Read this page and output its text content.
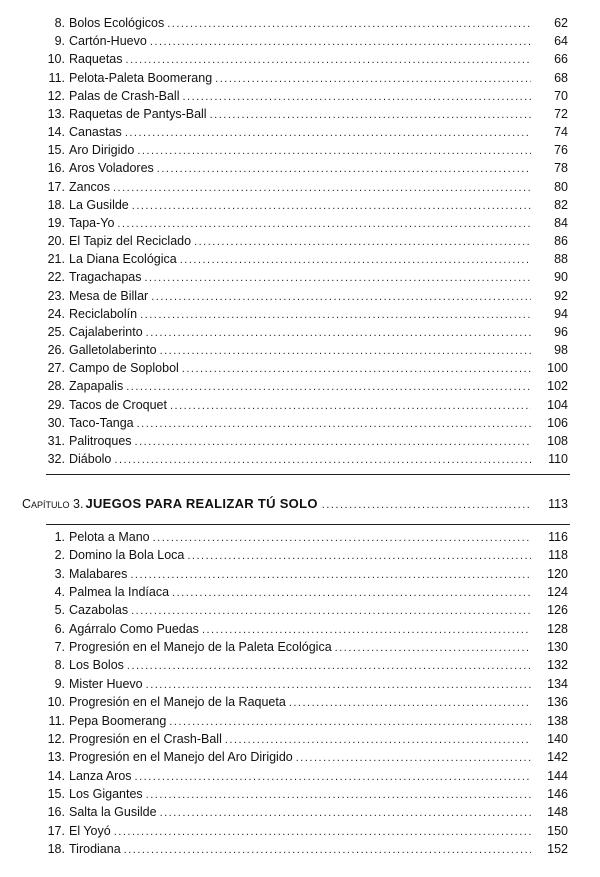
8. Bolos Ecológicos .....	62
9. Cartón-Huevo .....	64
10. Raquetas .....	66
11. Pelota-Paleta Boomerang .....	68
12. Palas de Crash-Ball .....	70
13. Raquetas de Pantys-Ball .....	72
14. Canastas .....	74
15. Aro Dirigido .....	76
16. Aros Voladores .....	78
17. Zancos .....	80
18. La Gusilde .....	82
19. Tapa-Yo .....	84
20. El Tapiz del Reciclado .....	86
21. La Diana Ecológica .....	88
22. Tragachapas .....	90
23. Mesa de Billar .....	92
24. Reciclabolín .....	94
25. Cajalaberinto .....	96
26. Galletolaberinto .....	98
27. Campo de Soplobol .....	100
28. Zapapalis .....	102
29. Tacos de Croquet .....	104
30. Taco-Tanga .....	106
31. Palitroques .....	108
32. Diábolo .....	110
Capítulo 3. JUEGOS PARA REALIZAR TÚ SOLO .....	113
1. Pelota a Mano .....	116
2. Domino la Bola Loca .....	118
3. Malabares .....	120
4. Palmea la Indíaca .....	124
5. Cazabolas .....	126
6. Agárralo Como Puedas .....	128
7. Progresión en el Manejo de la Paleta Ecológica .....	130
8. Los Bolos .....	132
9. Mister Huevo .....	134
10. Progresión en el Manejo de la Raqueta .....	136
11. Pepa Boomerang .....	138
12. Progresión en el Crash-Ball .....	140
13. Progresión en el Manejo del Aro Dirigido .....	142
14. Lanza Aros .....	144
15. Los Gigantes .....	146
16. Salta la Gusilde .....	148
17. El Yoyó .....	150
18. Tirodiana .....	152
